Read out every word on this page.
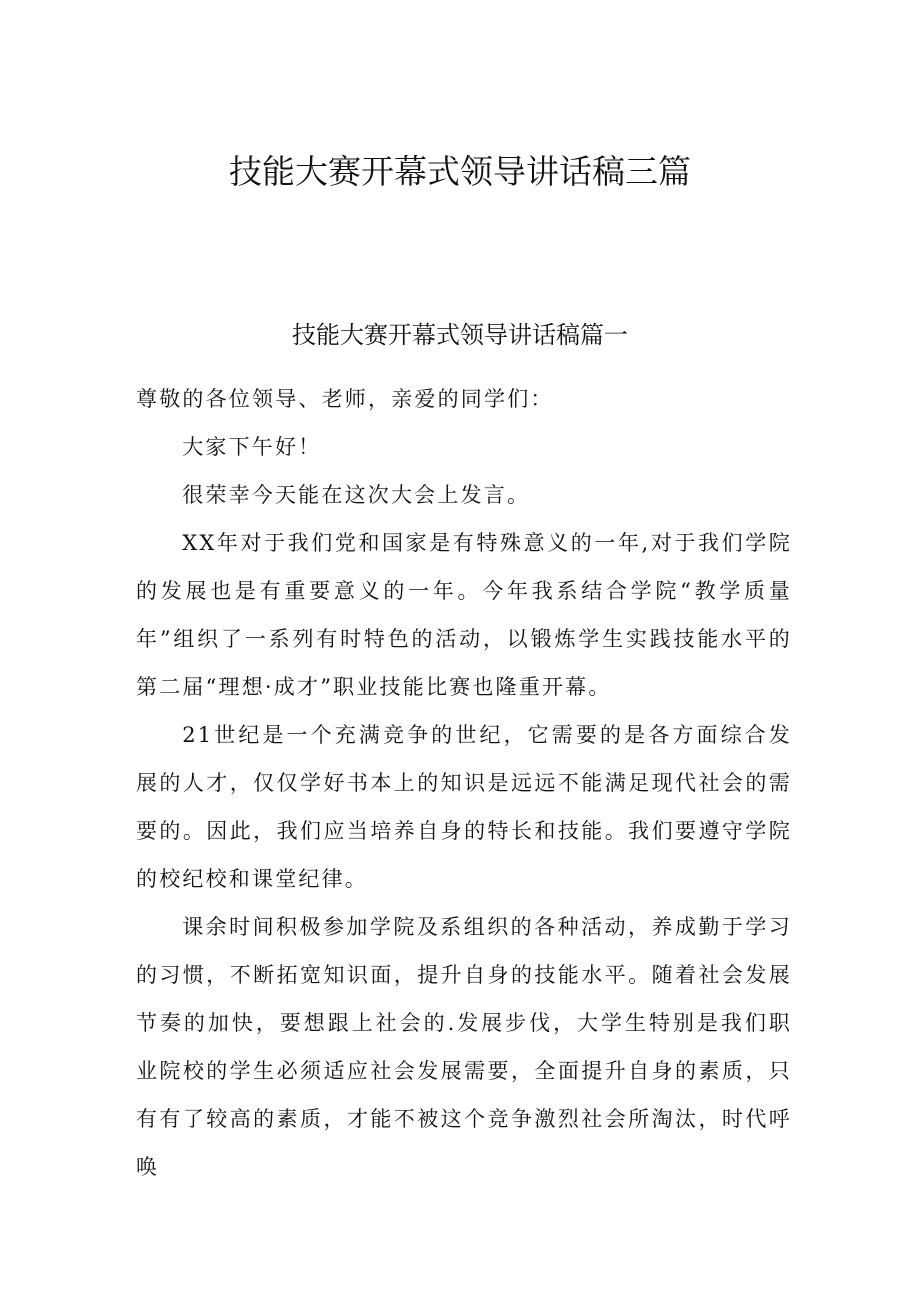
技能大赛开幕式领导讲话稿三篇
技能大赛开幕式领导讲话稿篇一

尊敬的各位领导、老师，亲爱的同学们：

大家下午好！

很荣幸今天能在这次大会上发言。

XX年对于我们党和国家是有特殊意义的一年,对于我们学院的发展也是有重要意义的一年。今年我系结合学院“教学质量年”组织了一系列有时特色的活动，以锻炼学生实践技能水平的第二届“理想·成才”职业技能比赛也隆重开幕。

21世纪是一个充满竞争的世纪，它需要的是各方面综合发展的人才，仅仅学好书本上的知识是远远不能满足现代社会的需要的。因此，我们应当培养自身的特长和技能。我们要遵守学院的校纪校和课堂纪律。

课余时间积极参加学院及系组织的各种活动，养成勤于学习的习惯，不断拓宽知识面，提升自身的技能水平。随着社会发展节奏的加快，要想跟上社会的.发展步伐，大学生特别是我们职业院校的学生必须适应社会发展需要，全面提升自身的素质，只有有了较高的素质，才能不被这个竞争激烈社会所淘汰，时代呼唤
